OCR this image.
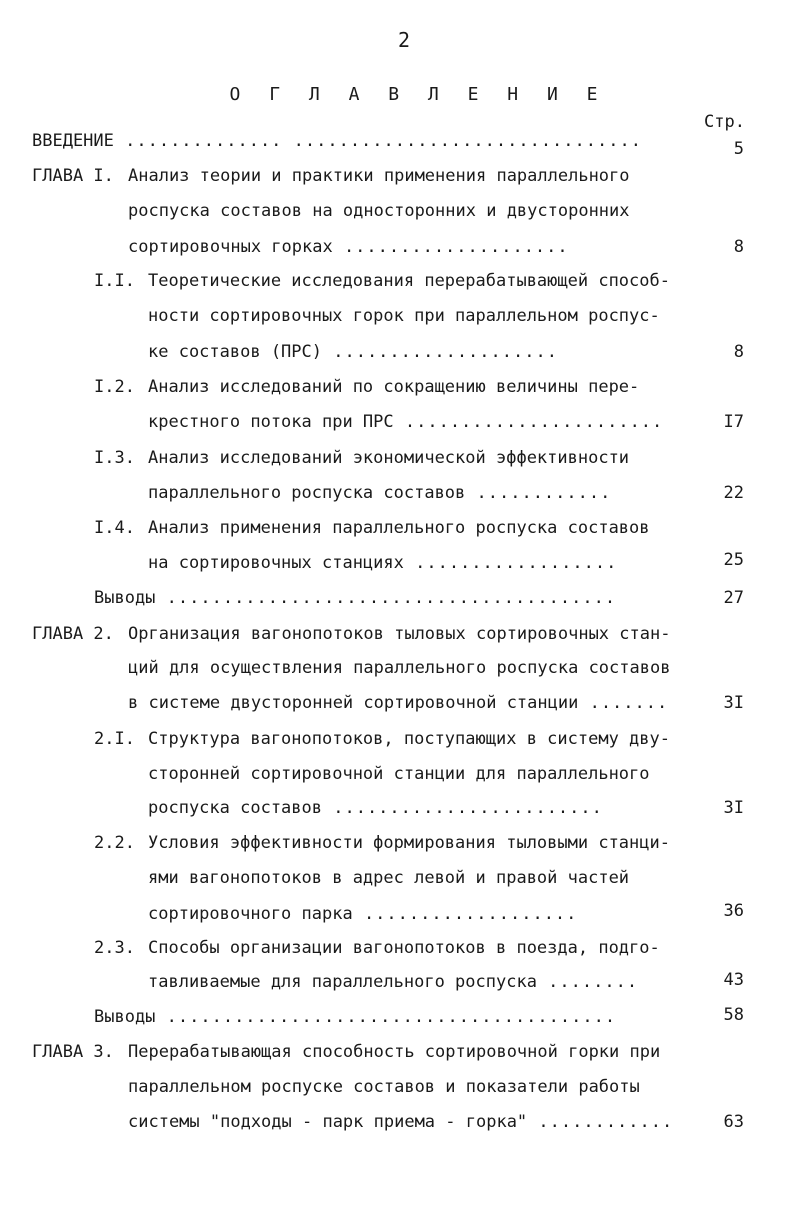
2
О Г Л А В Л Е Н И Е
Стр.
ВВЕДЕНИЕ .............. ...............................	5
ГЛАВА I. Анализ теории и практики применения параллельного
роспуска составов на односторонних и двусторонних
сортировочных горках ....................	8
I.I. Теоретические исследования перерабатывающей способ-
ности сортировочных горок при параллельном роспус-
ке составов (ПРС) ....................	8
I.2. Анализ исследований по сокращению величины пере-
крестного потока при ПРС .......................	I7
I.3. Анализ исследований экономической эффективности
параллельного роспуска составов ............	22
I.4. Анализ применения параллельного роспуска составов
на сортировочных станциях ..................	25
Выводы ........................................	27
ГЛАВА 2. Организация вагонопотоков тыловых сортировочных стан-
ций для осуществления параллельного роспуска составов
в системе двусторонней сортировочной станции .......	3I
2.I. Структура вагонопотоков, поступающих в систему дву-
сторонней сортировочной станции для параллельного
роспуска составов ........................	3I
2.2. Условия эффективности формирования тыловыми станци-
ями вагонопотоков в адрес левой и правой частей
сортировочного парка ...................	36
2.3. Способы организации вагонопотоков в поезда, подго-
тавливаемые для параллельного роспуска ........	43
Выводы ........................................	58
ГЛАВА 3. Перерабатывающая способность сортировочной горки при
параллельном роспуске составов и показатели работы
системы "подходы - парк приема - горка" ............	63
